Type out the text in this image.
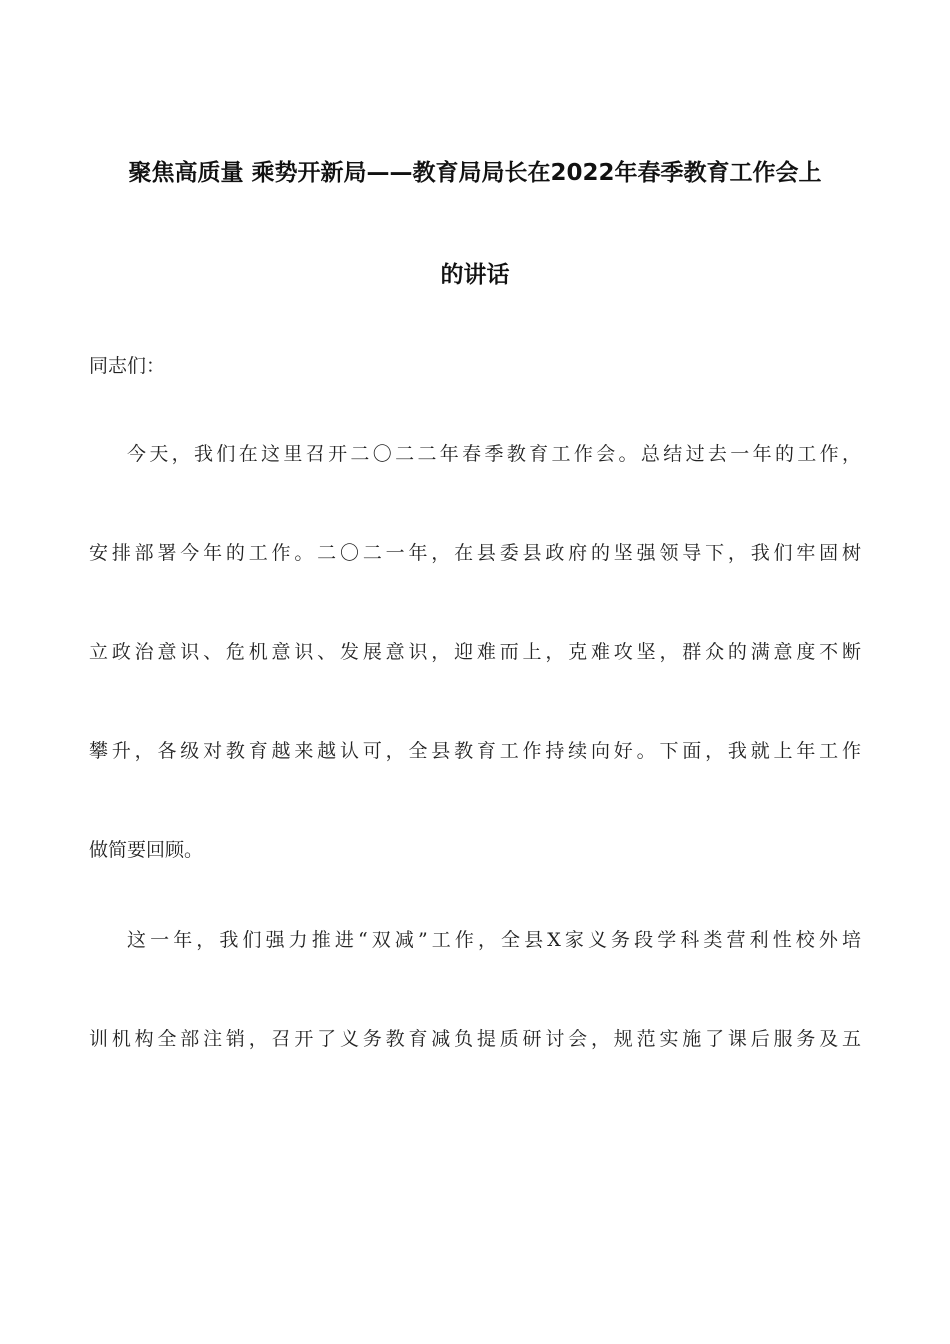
聚焦高质量 乘势开新局——教育局局长在2022年春季教育工作会上
的讲话
同志们：
今天，我们在这里召开二〇二二年春季教育工作会。总结过去一年的工作，
安排部署今年的工作。二〇二一年，在县委县政府的坚强领导下，我们牢固树
立政治意识、危机意识、发展意识，迎难而上，克难攻坚，群众的满意度不断
攀升，各级对教育越来越认可，全县教育工作持续向好。下面，我就上年工作
做简要回顾。
这一年，我们强力推进“双减”工作，全县X家义务段学科类营利性校外培
训机构全部注销，召开了义务教育减负提质研讨会，规范实施了课后服务及五
